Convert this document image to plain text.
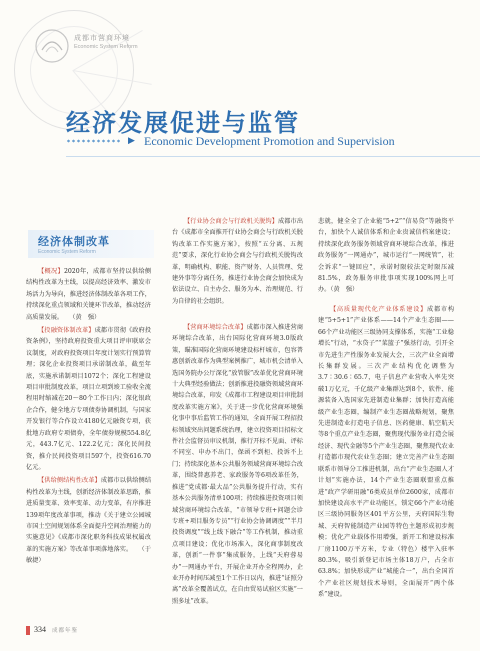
成都市营商环境
Economic System Reform
经济发展促进与监管
▶ Economic Development Promotion and Supervision
经济体制改革
Economic System Reform

【概况】2020年，成都市坚持以供给侧结构性改革为主线，以提高经济效率、激发市场活力为导向，推进经济体制改革各项工作，持续深化重点领域和关键环节改革，推动经济高质量发展。　　（黄　强）

【投融资体制改革】成都市贯彻《政府投资条例》，坚持政府投资重大项目评审联席会议制度，对政府投资项目年度计划实行预算管理；深化企业投资项目承诺制改革，截至年底，实施承诺制项目1072个；深化工程建设项目审批制度改革，项目立项到竣工验收全流程用时缩减在20～80个工作日内；深化银政企合作，健全地方专项债券协调机制，与国家开发银行等合作设立4180亿元融资专项，获批地方政府专项债券，全年债券规模554.8亿元，443.7亿元、122.2亿元；深化民间投资，推介民间投资项目597个，投资616.70亿元。

【供给侧结构性改革】成都市以供给侧结构性改革为主线，创新经济体制改革思路，推进质量变革、效率变革、动力变革，有序推进139项年度改革事项，推动《关于建立公园城市国土空间规划体系全面提升空间治理能力的实施意见》《成都市深化职务科技成果权属改革的实施方案》等改革事项落地落实。　　（于敏捷）

【行业协会商会与行政机关脱钩】成都市出台《成都市全面推开行业协会商会与行政机关脱钩改革工作实施方案》，按照“五分离、五规范”要求，深化行业协会商会与行政机关脱钩改革，明确机构、职能、资产财务、人员管理、党建外事等分离任务，推进行业协会商会加快成为依法设立、自主办会、服务为本、治理规范、行为自律的社会组织。

【营商环境综合改革】成都市深入推进营商环境综合改革，出台国际化营商环境3.0版政策，瞄准国际化营商环境建设标杆城市，包容普惠创新改革作为典型案例推广，城市机会清单入选国务院办公厅深化“放管服”改革优化营商环境十大典型经验做法；创新推进投融资领域营商环境综合改革，印发《成都市工程建设项目审批制度改革实施方案》，关于进一步优化营商环境强化事中事后监管工作的通知，全面开展工程招投标领域突出问题系统治理，建立投资项目招标文件社会监督员审议机制，推行开标不见面、评标不同室、申办不出门，保函不到柜、投诉不上门；持续深化基本公共服务领域营商环境综合改革，围绕普惠养老、家政服务等6项改革任务，推进“党成都·最大品”公共服务提升行动，实有基本公共服务清单100项；持续推进投资项目领域营商环境综合改革，“市领导专班+问题会诊专班+项目服务专员”“行业协会协调调度”“半月投资调度”“线上线下融合”等工作机制，推动重点项目建设；优化市场准入，深化商事制度改革，创新“一件事”集成服务，上线“天府蓉易办”一网通办平台，开展企业开办全程网办，企业开办时间压减至1个工作日以内，推进“证照分离”改革全覆盖试点，在自由贸易试验区实施“一照多址”改革。

悲就，健全全了企业能“5+2”“信易贷”等融资平台，加快个人诚信体系和企业贵诚信档案建设；持续深化政务服务领域营商环境综合改革，推进政务服务“一网通办”，城市运行“一网统管”，社会诉求“一键回应”，承诺时限较法定时限压减81.5%，政务服务审批事项实现100%网上可办。（黄　强）

【高质量现代化产业体系建设】成都市构建“5+5+1”产业体系——14个产业生态圈——66个产业功能区三级协同支撑体系，实施“工业稳增长”行动，“水贷子”“菜篮子”强基行动，引开全市先进生产性服务业发展大会，三次产业全面增长集群发展。三次产业结构优化调整为3.7∶30.6∶65.7，电子信息产业营收入率先突破1万亿元，千亿级产业集群达到8个，软件、能源装备入选国家先进制造业集群；加快打造高能级产业生态圈，编制产业生态圈战略规划，聚焦先进制造业打造电子信息、医药健康、航空航天等8个重点产业生态圈，聚焦现代服务业打造会展经济、现代金融等5个产业生态圈，聚焦现代农业打造都市现代农业生态圈；建立完善产业生态圈联系市领导分工推进机制，出台“产业生态圈人才计划”实施办法，14个产业生态圈联盟重点推进“政产学研用融”6类成员单位2600家，成都市加快建设高水平产业功能区，锁定66个产业功能区三级协同服务区401平方公里，天府国际生物城、天府智能制造产业园等特色主题形成初步规模；优化产业载体作用增强，新开工和建设标准厂房1100万平方米，专业（特色）楼宇入驻率80.3%，吸引新登记市场主体18万户，占全市63.8%；加快形成产业“城能合一”，出台全国首个产业社区规划技术导则，全面展开“两个体系”建设。

334 成都年鉴
